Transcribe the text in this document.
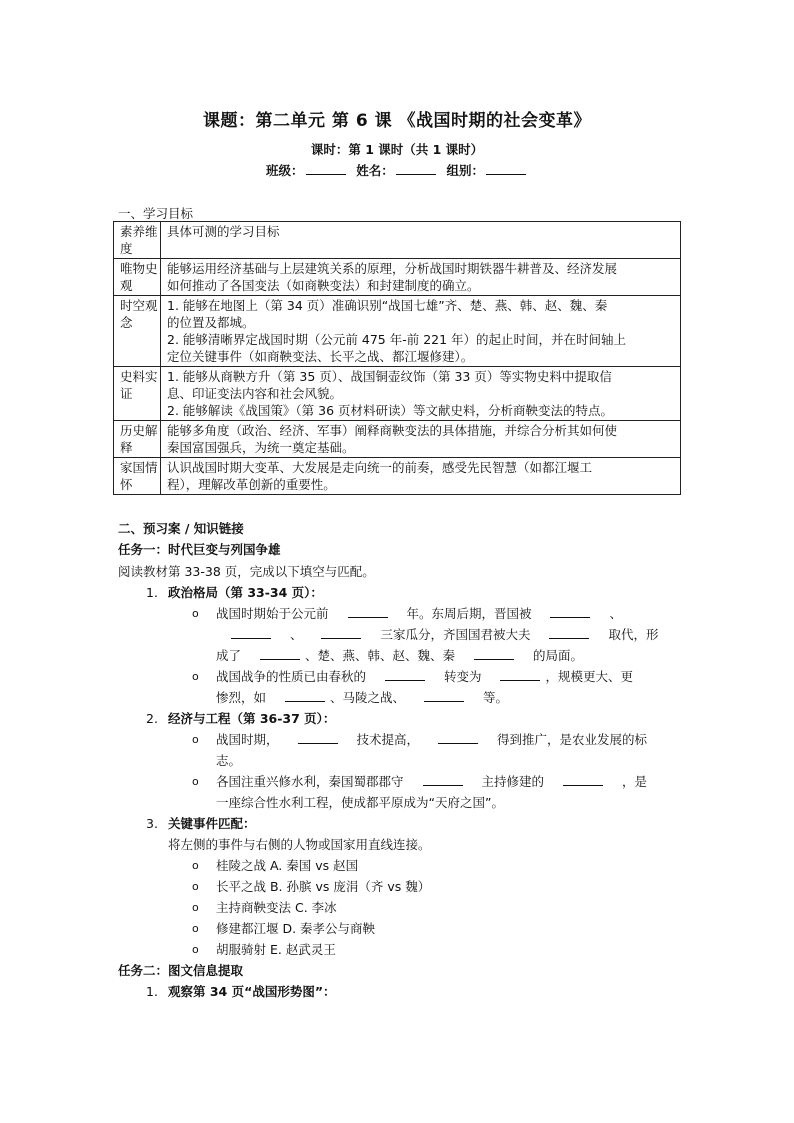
课题：第二单元 第 6 课 《战国时期的社会变革》
课时：第 1 课时（共 1 课时）
班级：	姓名：	组别：
一、学习目标
素养维度	具体可测的学习目标
唯物史观	能够运用经济基础与上层建筑关系的原理，分析战国时期铁器牛耕普及、经济发展
如何推动了各国变法（如商鞅变法）和封建制度的确立。

时空观念	1. 能够在地图上（第 34 页）准确识别“战国七雄”齐、楚、燕、韩、赵、魏、秦
的位置及都城。
2. 能够清晰界定战国时期（公元前 475 年-前 221 年）的起止时间，并在时间轴上
定位关键事件（如商鞅变法、长平之战、都江堰修建）。

史料实证	1. 能够从商鞅方升（第 35 页）、战国铜壶纹饰（第 33 页）等实物史料中提取信
息、印证变法内容和社会风貌。
2. 能够解读《战国策》（第 36 页材料研读）等文献史料，分析商鞅变法的特点。

历史解释	能够多角度（政治、经济、军事）阐释商鞅变法的具体措施，并综合分析其如何使
秦国富国强兵，为统一奠定基础。

家国情怀	认识战国时期大变革、大发展是走向统一的前奏，感受先民智慧（如都江堰工
程），理解改革创新的重要性。
二、预习案 / 知识链接
任务一：时代巨变与列国争雄
阅读教材第 33-38 页，完成以下填空与匹配。
1. 政治格局（第 33-34 页）：
o 战国时期始于公元前	年。东周后期，晋国被	、
、	三家瓜分，齐国国君被大夫	取代，形
成了	、楚、燕、韩、赵、魏、秦	的局面。
o 战国战争的性质已由春秋的	转变为	，规模更大、更
惨烈，如	、马陵之战、	等。
2. 经济与工程（第 36-37 页）：
o 战国时期，	技术提高，	得到推广，是农业发展的标
志。
o 各国注重兴修水利，秦国蜀郡郡守	主持修建的	，是
一座综合性水利工程，使成都平原成为“天府之国”。
3. 关键事件匹配：
将左侧的事件与右侧的人物或国家用直线连接。
o 桂陵之战 A. 秦国 vs 赵国
o 长平之战 B. 孙膑 vs 庞涓（齐 vs 魏）
o 主持商鞅变法 C. 李冰
o 修建都江堰 D. 秦孝公与商鞅
o 胡服骑射 E. 赵武灵王
任务二：图文信息提取
1. 观察第 34 页“战国形势图”：
